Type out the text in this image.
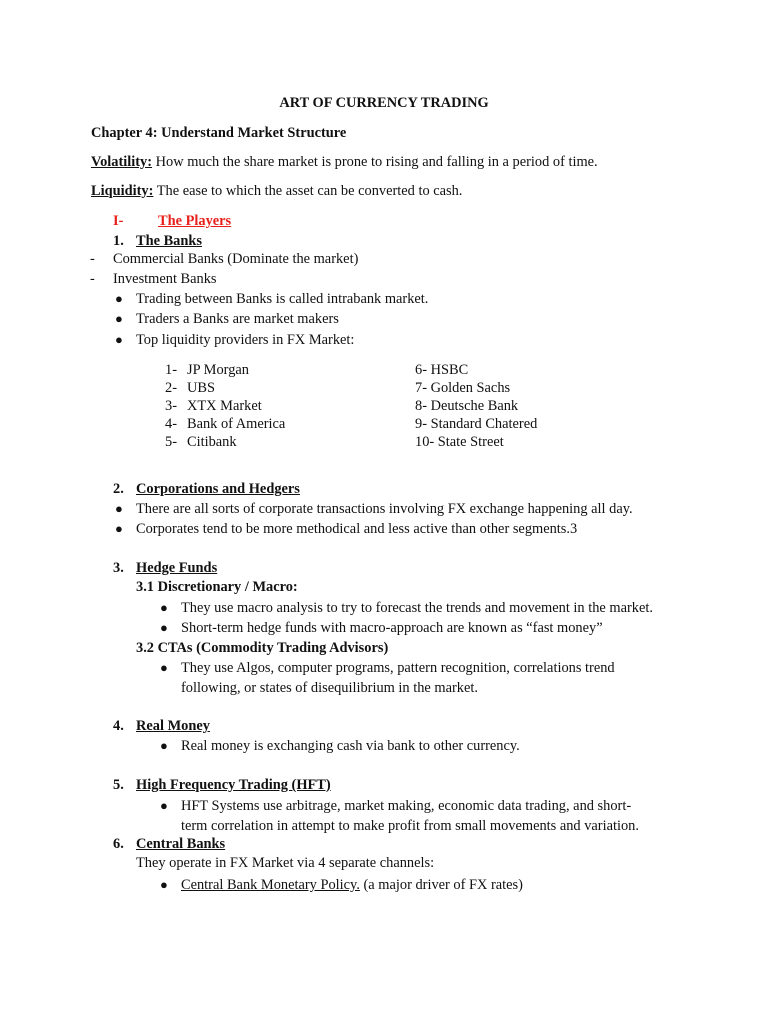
ART OF CURRENCY TRADING
Chapter 4: Understand Market Structure
Volatility: How much the share market is prone to rising and falling in a period of time.
Liquidity: The ease to which the asset can be converted to cash.
I- The Players
1. The Banks
- Commercial Banks (Dominate the market)
- Investment Banks
● Trading between Banks is called intrabank market.
● Traders a Banks are market makers
● Top liquidity providers in FX Market:
1- JP Morgan
2- UBS
3- XTX Market
4- Bank of America
5- Citibank
6- HSBC
7- Golden Sachs
8- Deutsche Bank
9- Standard Chatered
10- State Street
2. Corporations and Hedgers
● There are all sorts of corporate transactions involving FX exchange happening all day.
● Corporates tend to be more methodical and less active than other segments.3
3. Hedge Funds
3.1 Discretionary / Macro:
● They use macro analysis to try to forecast the trends and movement in the market.
● Short-term hedge funds with macro-approach are known as “fast money”
3.2 CTAs (Commodity Trading Advisors)
● They use Algos, computer programs, pattern recognition, correlations trend
following, or states of disequilibrium in the market.
4. Real Money
● Real money is exchanging cash via bank to other currency.
5. High Frequency Trading (HFT)
● HFT Systems use arbitrage, market making, economic data trading, and short-
term correlation in attempt to make profit from small movements and variation.
6. Central Banks
They operate in FX Market via 4 separate channels:
● Central Bank Monetary Policy. (a major driver of FX rates)
